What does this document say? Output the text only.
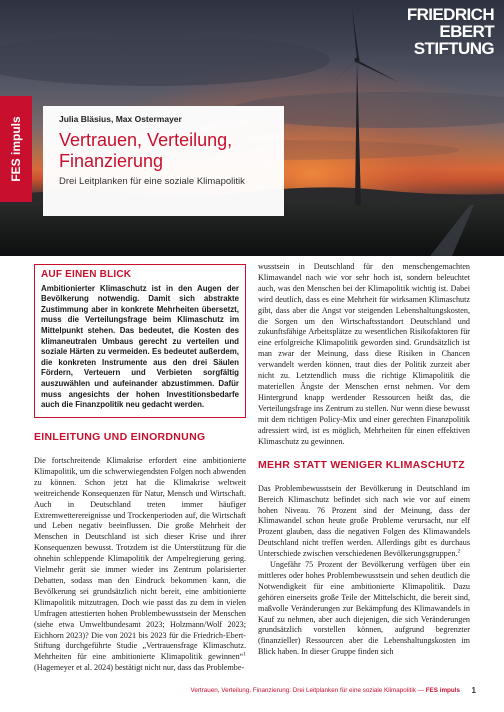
FRIEDRICH
EBERT
STIFTUNG
FES impuls	Julia Bläsius, Max Ostermayer
Vertrauen, Verteilung, Finanzierung
Drei Leitplanken für eine soziale Klimapolitik
AUF EINEN BLICK

Ambitionierter Klimaschutz ist in den Augen der Bevölkerung notwendig. Damit sich abstrakte Zustimmung aber in konkrete Mehrheiten übersetzt, muss die Verteilungsfrage beim Klimaschutz im Mittelpunkt stehen. Das bedeutet, die Kosten des klimaneutralen Umbaus gerecht zu verteilen und soziale Härten zu vermeiden. Es bedeutet außerdem, die konkreten Instrumente aus den drei Säulen Fördern, Verteuern und Verbieten sorgfältig auszuwählen und aufeinander abzustimmen. Dafür muss angesichts der hohen Investitionsbedarfe auch die Finanzpolitik neu gedacht werden.

EINLEITUNG UND EINORDNUNG

Die fortschreitende Klimakrise erfordert eine ambitionierte Klimapolitik, um die schwerwiegendsten Folgen noch abwenden zu können. Schon jetzt hat die Klimakrise weltweit weitreichende Konsequenzen für Natur, Mensch und Wirtschaft. Auch in Deutschland treten immer häufiger Extremwetterereignisse und Trockenperioden auf, die Wirtschaft und Leben negativ beeinflussen. Die große Mehrheit der Menschen in Deutschland ist sich dieser Krise und ihrer Konsequenzen bewusst. Trotzdem ist die Unterstützung für die ohnehin schleppende Klimapolitik der Ampelregierung gering. Vielmehr gerät sie immer wieder ins Zentrum polarisierter Debatten, sodass man den Eindruck bekommen kann, die Bevölkerung sei grundsätzlich nicht bereit, eine ambitionierte Klimapolitik mitzutragen. Doch wie passt das zu dem in vielen Umfragen attestierten hohen Problembewusstsein der Menschen (siehe etwa Umweltbundesamt 2023; Holzmann/Wolf 2023; Eichhorn 2023)? Die von 2021 bis 2023 für die Friedrich-Ebert-Stiftung durchgeführte Studie „Vertrauensfrage Klimaschutz. Mehrheiten für eine ambitionierte Klimapolitik gewinnen“$^1$ (Hagemeyer et al. 2024) bestätigt nicht nur, dass das Problembe-

wusstsein in Deutschland für den menschengemachten Klimawandel nach wie vor sehr hoch ist, sondern beleuchtet auch, was den Menschen bei der Klimapolitik wichtig ist. Dabei wird deutlich, dass es eine Mehrheit für wirksamen Klimaschutz gibt, dass aber die Angst vor steigenden Lebenshaltungskosten, die Sorgen um den Wirtschaftsstandort Deutschland und zukunftsfähige Arbeitsplätze zu wesentlichen Risikofaktoren für eine erfolgreiche Klimapolitik geworden sind. Grundsätzlich ist man zwar der Meinung, dass diese Risiken in Chancen verwandelt werden können, traut dies der Politik zurzeit aber nicht zu. Letztendlich muss die richtige Klimapolitik die materiellen Ängste der Menschen ernst nehmen. Vor dem Hintergrund knapp werdender Ressourcen heißt das, die Verteilungsfrage ins Zentrum zu stellen. Nur wenn diese bewusst mit dem richtigen Policy-Mix und einer gerechten Finanzpolitik adressiert wird, ist es möglich, Mehrheiten für einen effektiven Klimaschutz zu gewinnen.

MEHR STATT WENIGER KLIMASCHUTZ

Das Problembewusstsein der Bevölkerung in Deutschland im Bereich Klimaschutz befindet sich nach wie vor auf einem hohen Niveau. 76 Prozent sind der Meinung, dass der Klimawandel schon heute große Probleme verursacht, nur elf Prozent glauben, dass die negativen Folgen des Klimawandels Deutschland nicht treffen werden. Allerdings gibt es durchaus Unterschiede zwischen verschiedenen Bevölkerungsgruppen.$^2$

Ungefähr 75 Prozent der Bevölkerung verfügen über ein mittleres oder hohes Problembewusstsein und sehen deutlich die Notwendigkeit für eine ambitionierte Klimapolitik. Dazu gehören einerseits große Teile der Mittelschicht, die bereit sind, maßvolle Veränderungen zur Bekämpfung des Klimawandels in Kauf zu nehmen, aber auch diejenigen, die sich Veränderungen grundsätzlich vorstellen können, aufgrund begrenzter (finanzieller) Ressourcen aber die Lebenshaltungskosten im Blick haben. In dieser Gruppe finden sich

Vertrauen, Verteilung, Finanzierung: Drei Leitplanken für eine soziale Klimapolitik — FES impuls	1
